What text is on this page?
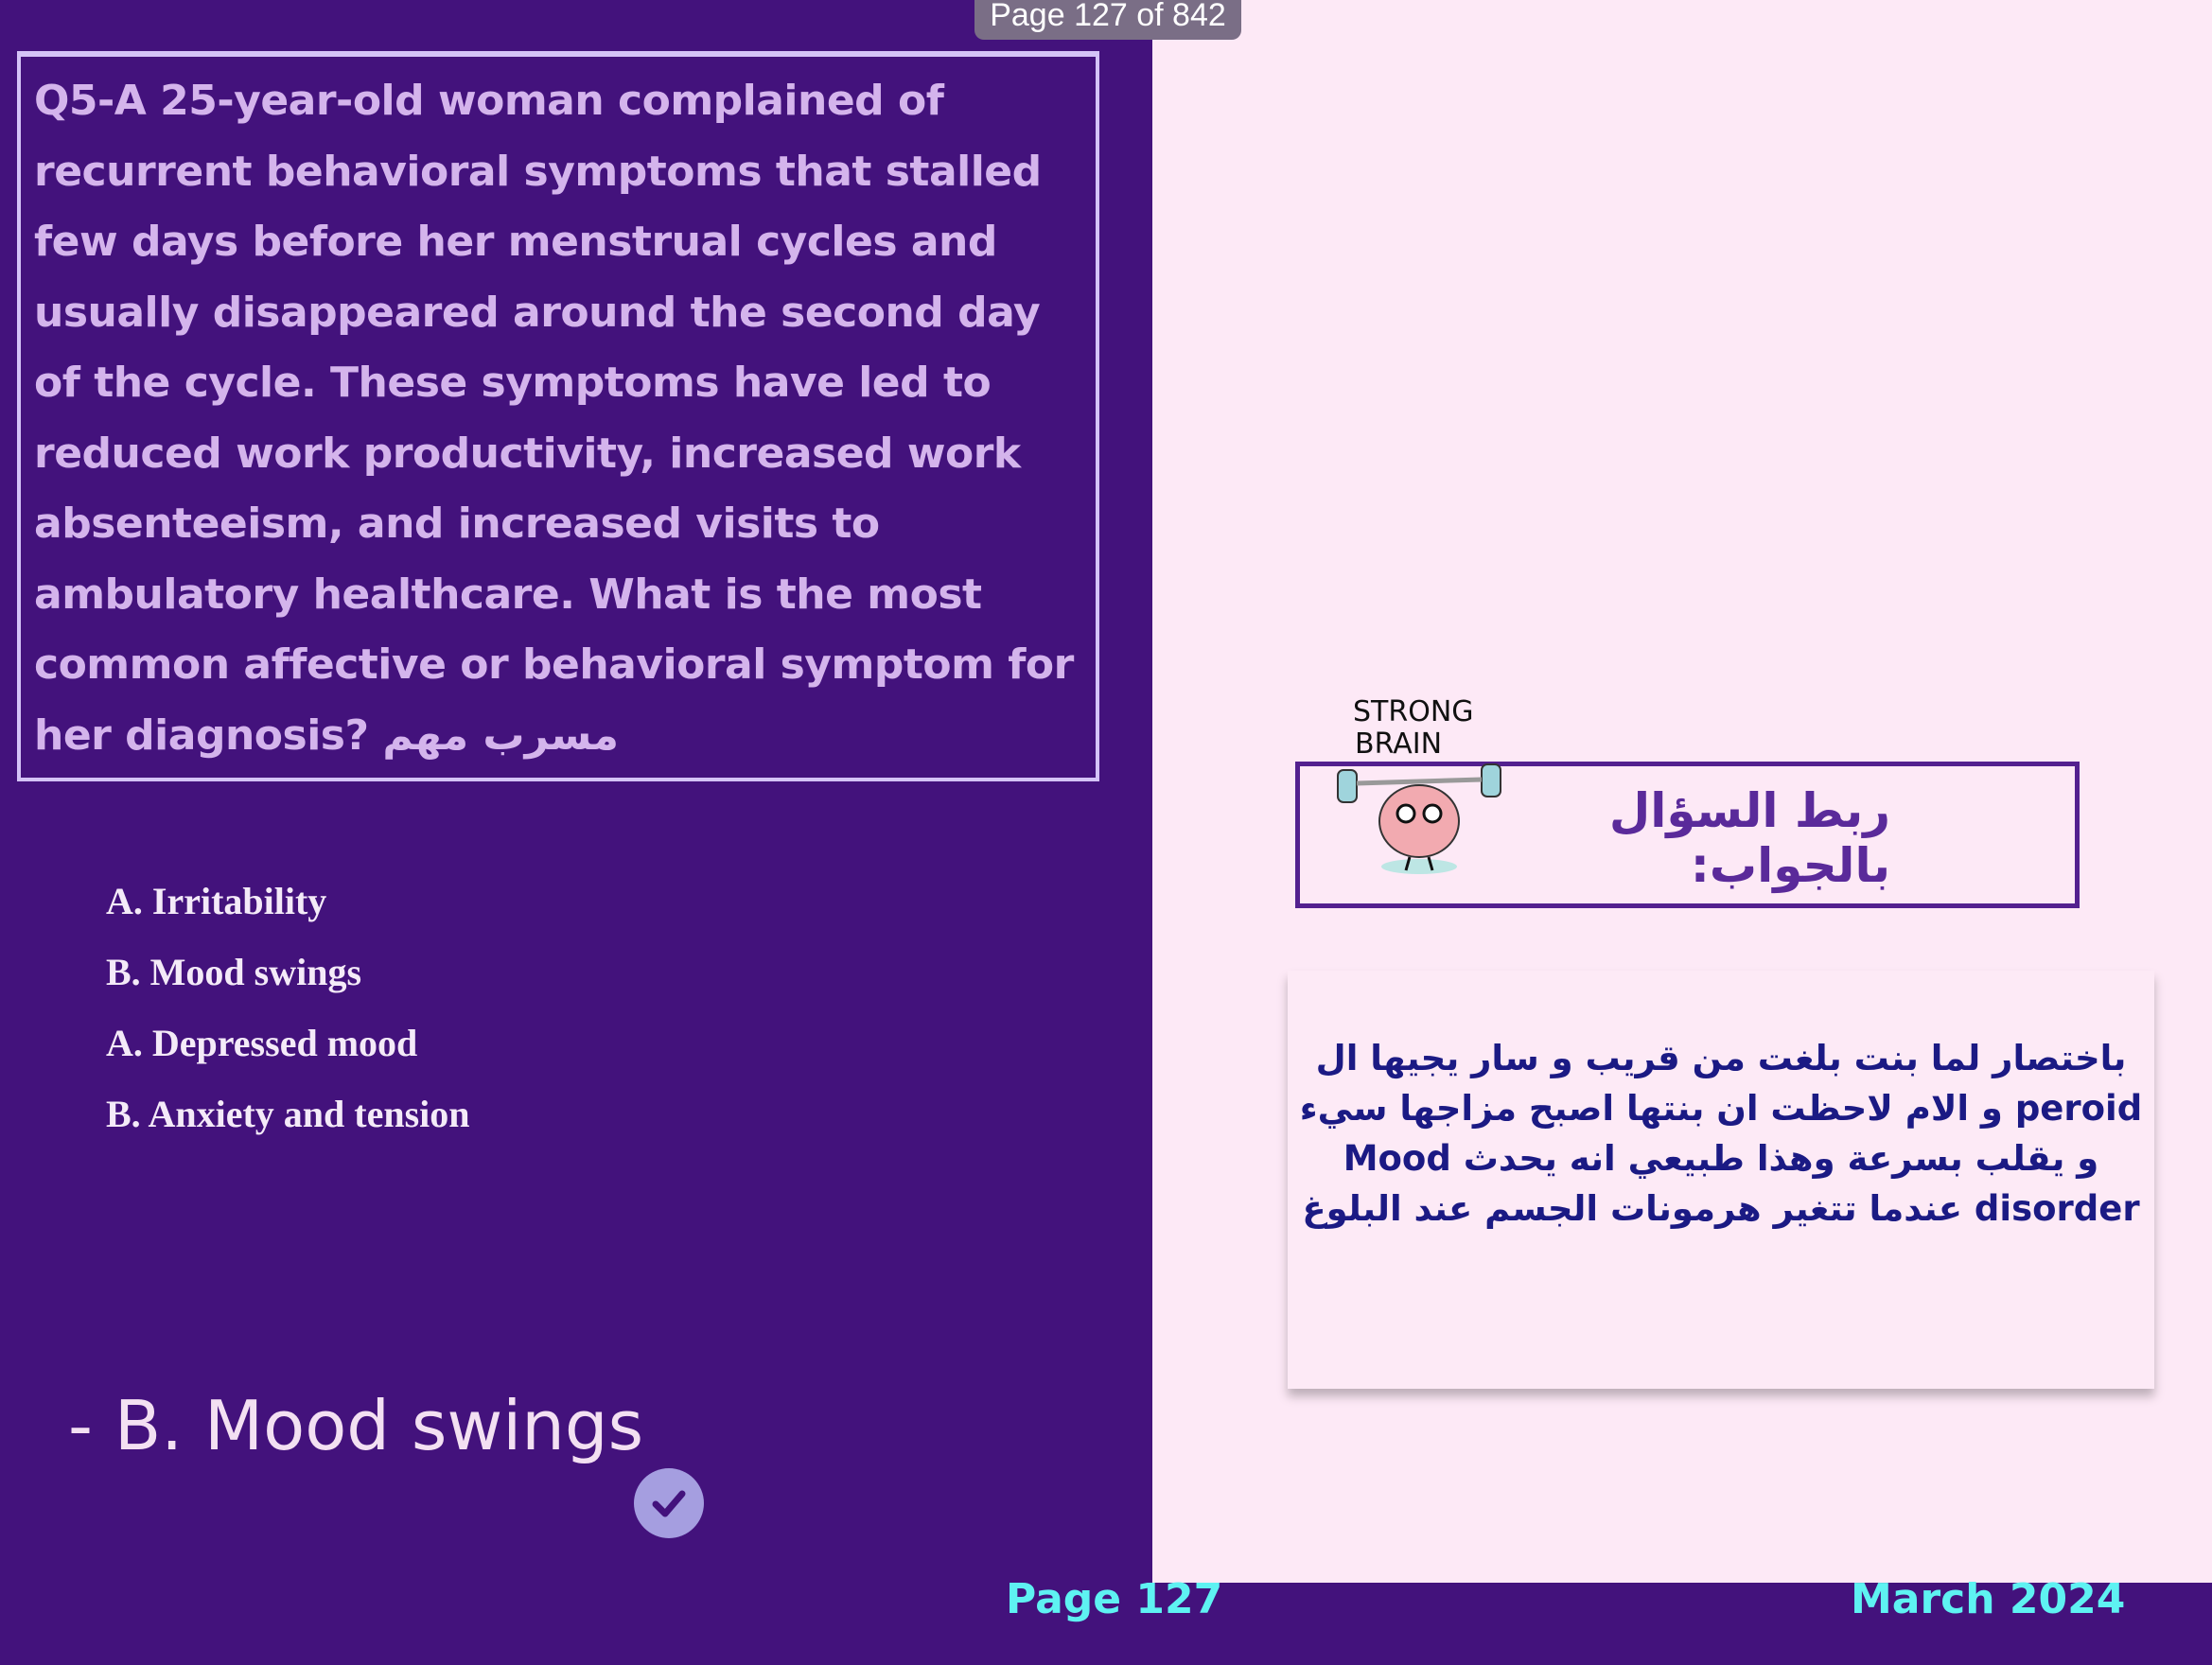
Page 127 of 842
Q5-A 25-year-old woman complained of recurrent behavioral symptoms that stalled few days before her menstrual cycles and usually disappeared around the second day of the cycle. These symptoms have led to reduced work productivity, increased work absenteeism, and increased visits to ambulatory healthcare. What is the most common affective or behavioral symptom for her diagnosis? مسرب مهم
A. Irritability
B. Mood swings
A. Depressed mood
B. Anxiety and tension
- B. Mood swings
STRONG
BRAIN
ربط السؤال بالجواب:
باختصار لما بنت بلغت من قريب و سار يجيها ال peroid و الام لاحظت ان بنتها اصبح مزاجها سيء و يقلب بسرعة وهذا طبيعي انه يحدث Mood disorder عندما تتغير هرمونات الجسم عند البلوغ
Page 127	March 2024
